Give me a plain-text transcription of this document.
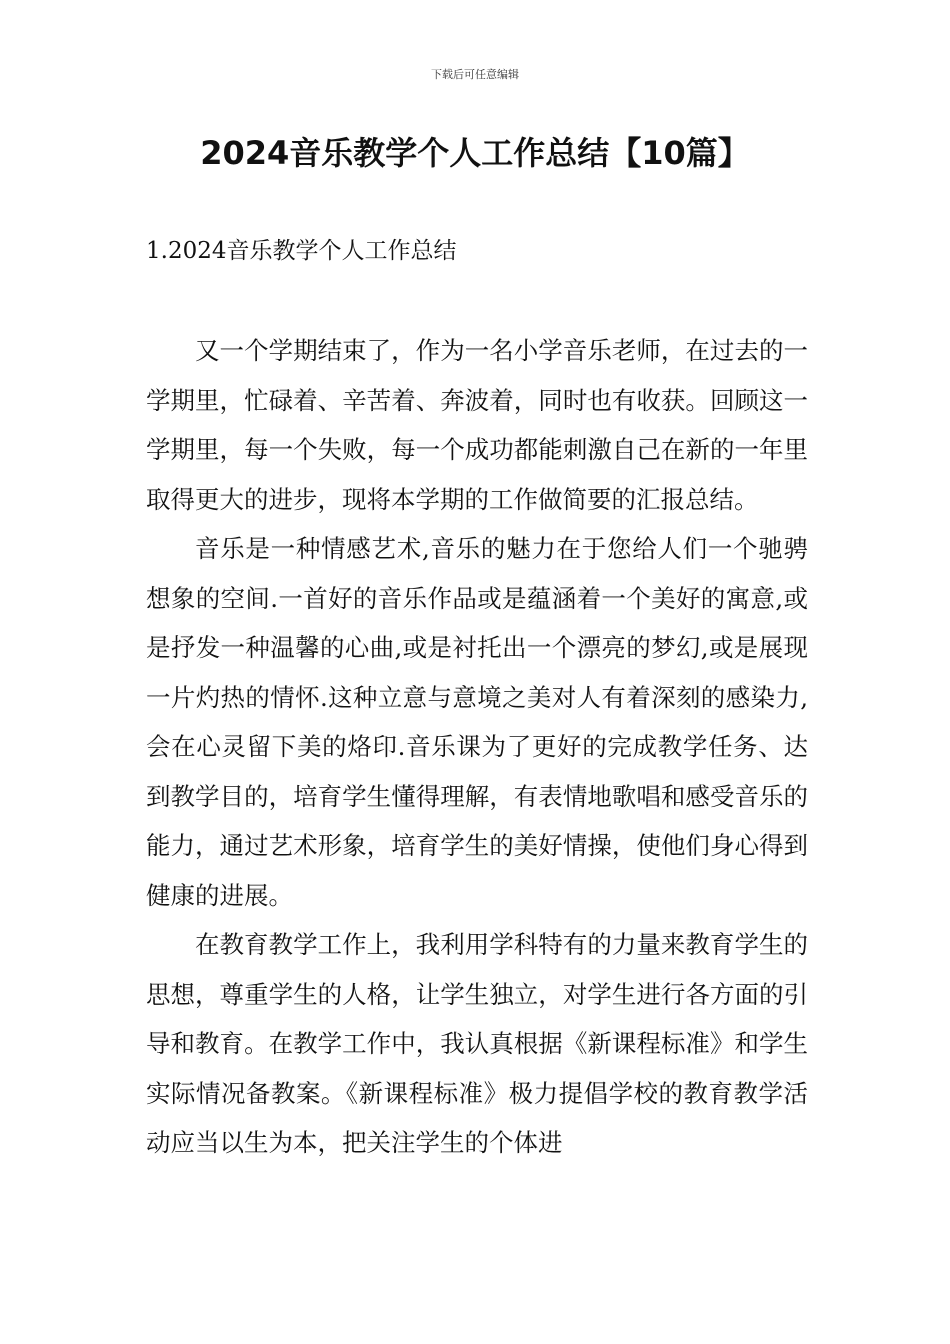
下载后可任意编辑
2024音乐教学个人工作总结【10篇】
1.2024音乐教学个人工作总结

又一个学期结束了，作为一名小学音乐老师，在过去的一学期里，忙碌着、辛苦着、奔波着，同时也有收获。回顾这一学期里，每一个失败，每一个成功都能刺激自己在新的一年里取得更大的进步，现将本学期的工作做简要的汇报总结。

音乐是一种情感艺术,音乐的魅力在于您给人们一个驰骋想象的空间.一首好的音乐作品或是蕴涵着一个美好的寓意,或是抒发一种温馨的心曲,或是衬托出一个漂亮的梦幻,或是展现一片灼热的情怀.这种立意与意境之美对人有着深刻的感染力,会在心灵留下美的烙印.音乐课为了更好的完成教学任务、达到教学目的，培育学生懂得理解，有表情地歌唱和感受音乐的能力，通过艺术形象，培育学生的美好情操，使他们身心得到健康的进展。

在教育教学工作上，我利用学科特有的力量来教育学生的思想，尊重学生的人格，让学生独立，对学生进行各方面的引导和教育。在教学工作中，我认真根据《新课程标准》和学生实际情况备教案。《新课程标准》极力提倡学校的教育教学活动应当以生为本，把关注学生的个体进
